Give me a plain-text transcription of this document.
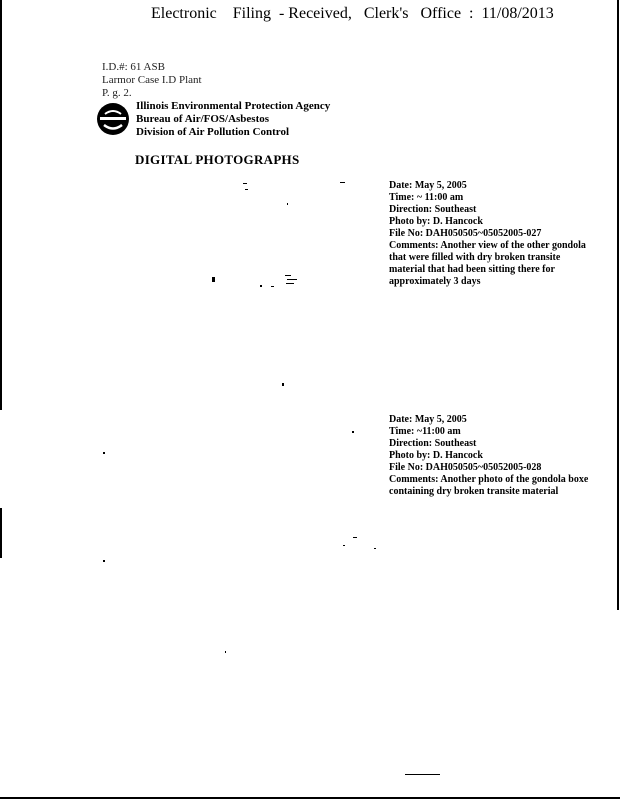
Electronic    Filing  - Received,   Clerk's   Office  :  11/08/2013
I.D.#: 61 ASB
Larmor Case I.D Plant
P. g. 2.
Illinois Environmental Protection Agency
Bureau of Air/FOS/Asbestos
Division of Air Pollution Control
DIGITAL PHOTOGRAPHS
Date: May 5, 2005
Time: ~ 11:00 am
Direction: Southeast
Photo by: D. Hancock
File No: DAH050505~05052005-027
Comments: Another view of the other gondola
that were filled with dry broken transite
material that had been sitting there for
approximately 3 days
Date: May 5, 2005
Time: ~11:00 am
Direction: Southeast
Photo by: D. Hancock
File No: DAH050505~05052005-028
Comments: Another photo of the gondola boxe
containing dry broken transite material
